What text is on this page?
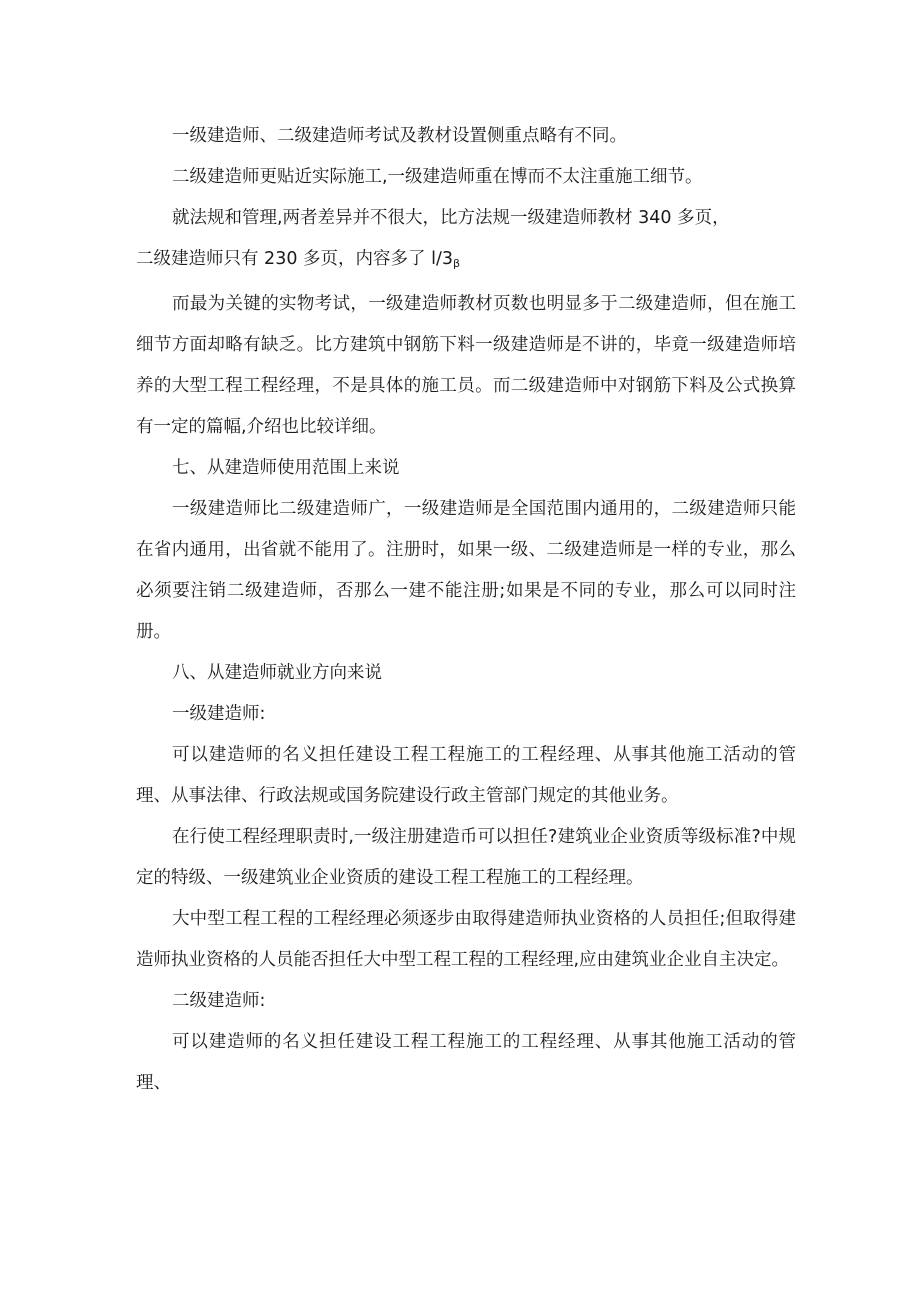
一级建造师、二级建造师考试及教材设置侧重点略有不同。

二级建造师更贴近实际施工,一级建造师重在博而不太注重施工细节。

就法规和管理,两者差异并不很大，比方法规一级建造师教材 340 多页，

二级建造师只有 230 多页，内容多了 $l∕3_\beta$

而最为关键的实物考试，一级建造师教材页数也明显多于二级建造师，但在施工细节方面却略有缺乏。比方建筑中钢筋下料一级建造师是不讲的，毕竟一级建造师培养的大型工程工程经理，不是具体的施工员。而二级建造师中对钢筋下料及公式换算有一定的篇幅,介绍也比较详细。

七、从建造师使用范围上来说

一级建造师比二级建造师广，一级建造师是全国范围内通用的，二级建造师只能在省内通用，出省就不能用了。注册时，如果一级、二级建造师是一样的专业，那么必须要注销二级建造师，否那么一建不能注册;如果是不同的专业，那么可以同时注册。

八、从建造师就业方向来说

一级建造师:

可以建造师的名义担任建设工程工程施工的工程经理、从事其他施工活动的管理、从事法律、行政法规或国务院建设行政主管部门规定的其他业务。

在行使工程经理职责时,一级注册建造币可以担任?建筑业企业资质等级标准?中规定的特级、一级建筑业企业资质的建设工程工程施工的工程经理。

大中型工程工程的工程经理必须逐步由取得建造师执业资格的人员担任;但取得建造师执业资格的人员能否担任大中型工程工程的工程经理,应由建筑业企业自主决定。

二级建造师:

可以建造师的名义担任建设工程工程施工的工程经理、从事其他施工活动的管理、
